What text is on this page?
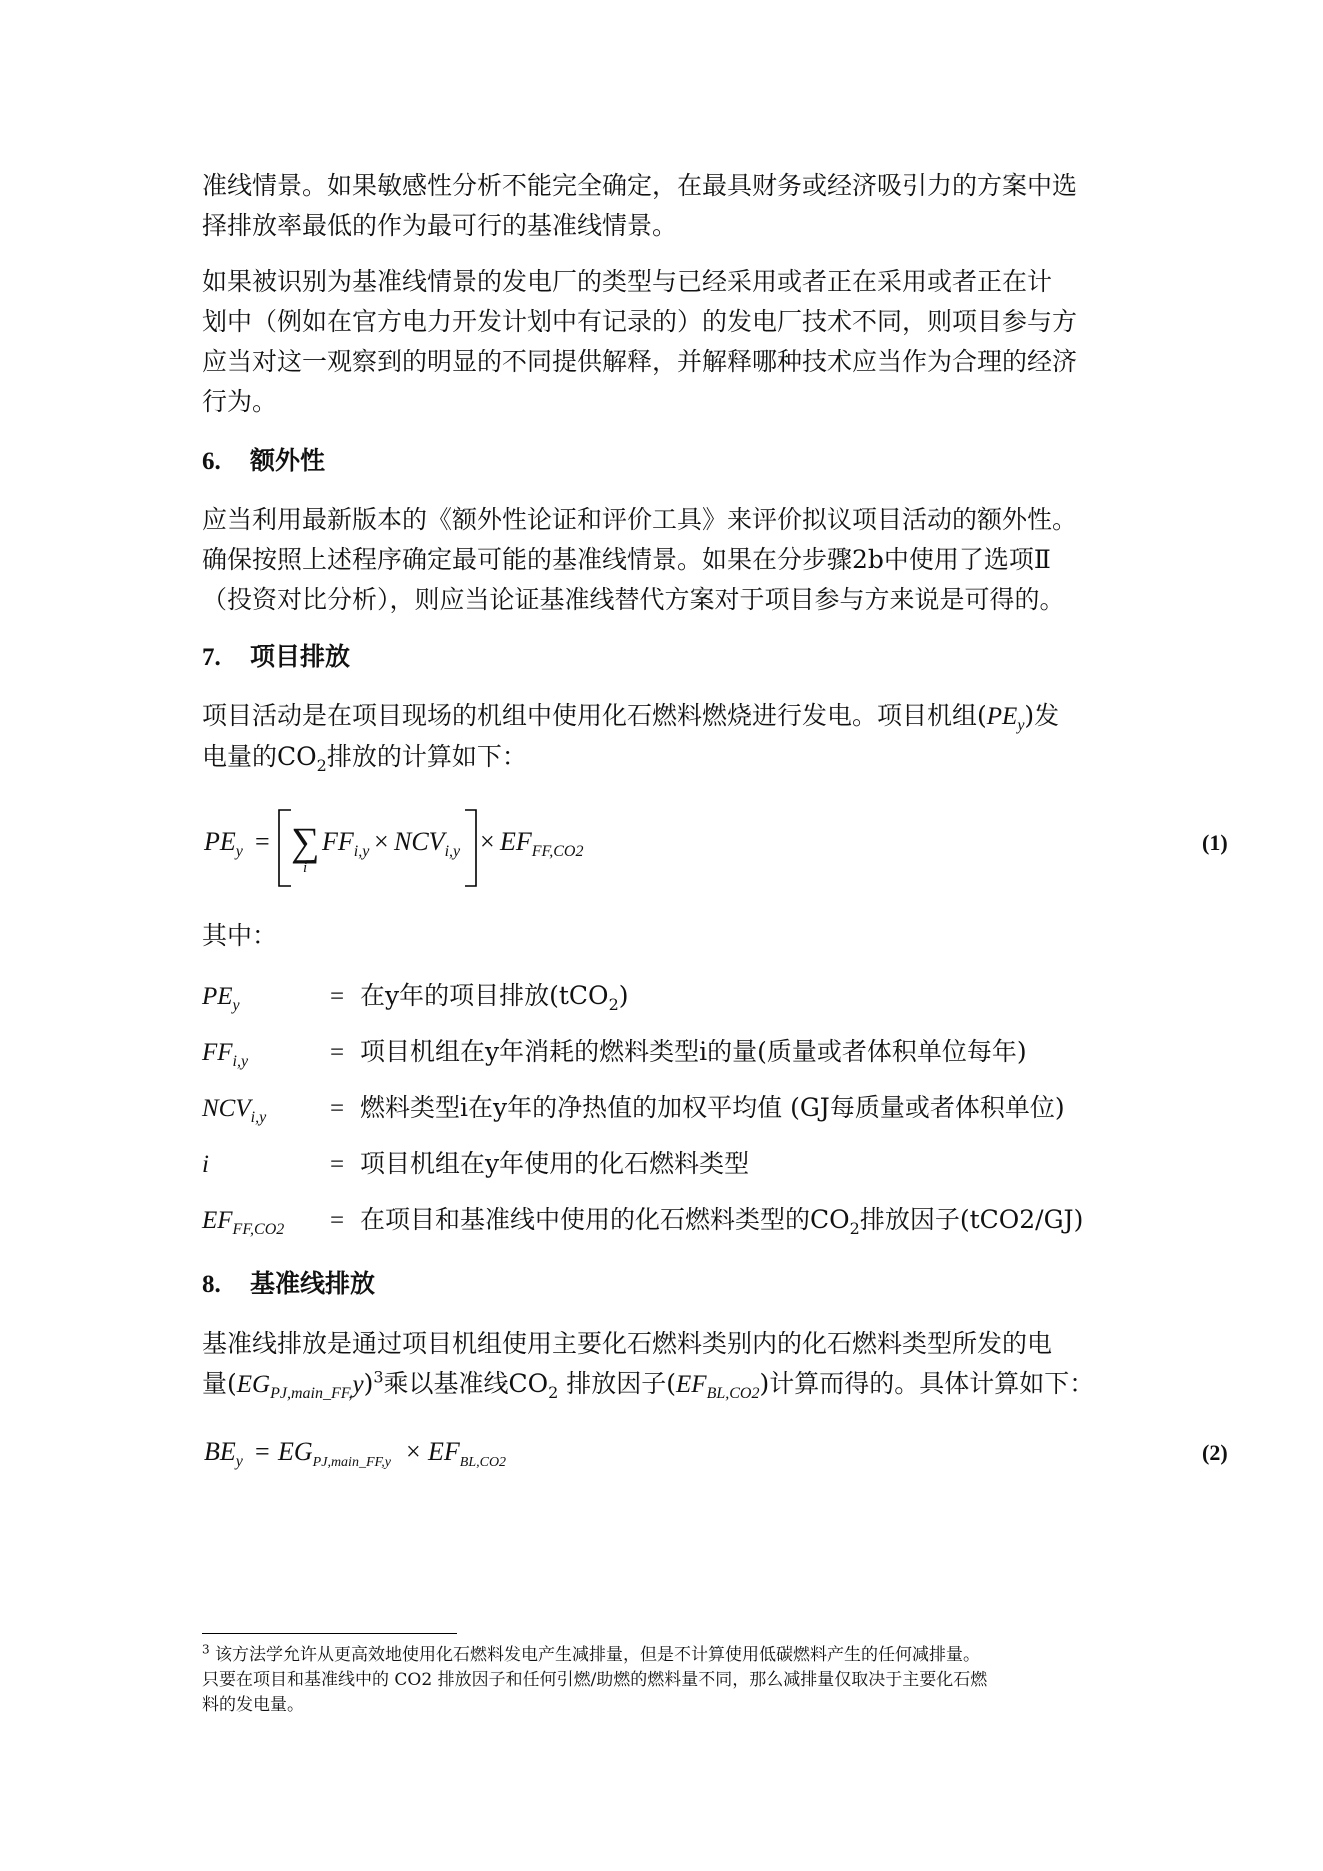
准线情景。如果敏感性分析不能完全确定，在最具财务或经济吸引力的方案中选
择排放率最低的作为最可行的基准线情景。

如果被识别为基准线情景的发电厂的类型与已经采用或者正在采用或者正在计
划中（例如在官方电力开发计划中有记录的）的发电厂技术不同，则项目参与方
应当对这一观察到的明显的不同提供解释，并解释哪种技术应当作为合理的经济
行为。

6. 额外性

应当利用最新版本的《额外性论证和评价工具》来评价拟议项目活动的额外性。
确保按照上述程序确定最可能的基准线情景。如果在分步骤2b中使用了选项Ⅱ
（投资对比分析），则应当论证基准线替代方案对于项目参与方来说是可得的。

7. 项目排放

项目活动是在项目现场的机组中使用化石燃料燃烧进行发电。项目机组$(PE_y)$发
电量的$CO_2$排放的计算如下：

$PE_y$ = ∑
i
$FF_{i,y} \times NCV_{i,y} \times EF_{FF,CO2}$	(1)

其中：

$PE_y$	= 在y年的项目排放(tCO$_2$)
$FF_{i,y}$	= 项目机组在y年消耗的燃料类型i的量(质量或者体积单位每年)
$NCV_{i,y}$	= 燃料类型i在y年的净热值的加权平均值 (GJ每质量或者体积单位)
i	= 项目机组在y年使用的化石燃料类型
$EF_{FF,CO2}$ = 在项目和基准线中使用的化石燃料类型的$CO_2$排放因子(tCO2/GJ)
8. 基准线排放

基准线排放是通过项目机组使用主要化石燃料类别内的化石燃料类型所发的电
量$(EG_{PJ,main\_FF,}y)^3$乘以基准线$CO_2$ 排放因子$(EF_{BL,CO2})$计算而得的。具体计算如下：

$BE_y = EG_{PJ,main\_FF,y} \times EF_{BL,CO2}$	(2)
$^3$ 该方法学允许从更高效地使用化石燃料发电产生减排量，但是不计算使用低碳燃料产生的任何减排量。
只要在项目和基准线中的 CO2 排放因子和任何引燃/助燃的燃料量不同，那么减排量仅取决于主要化石燃
料的发电量。
